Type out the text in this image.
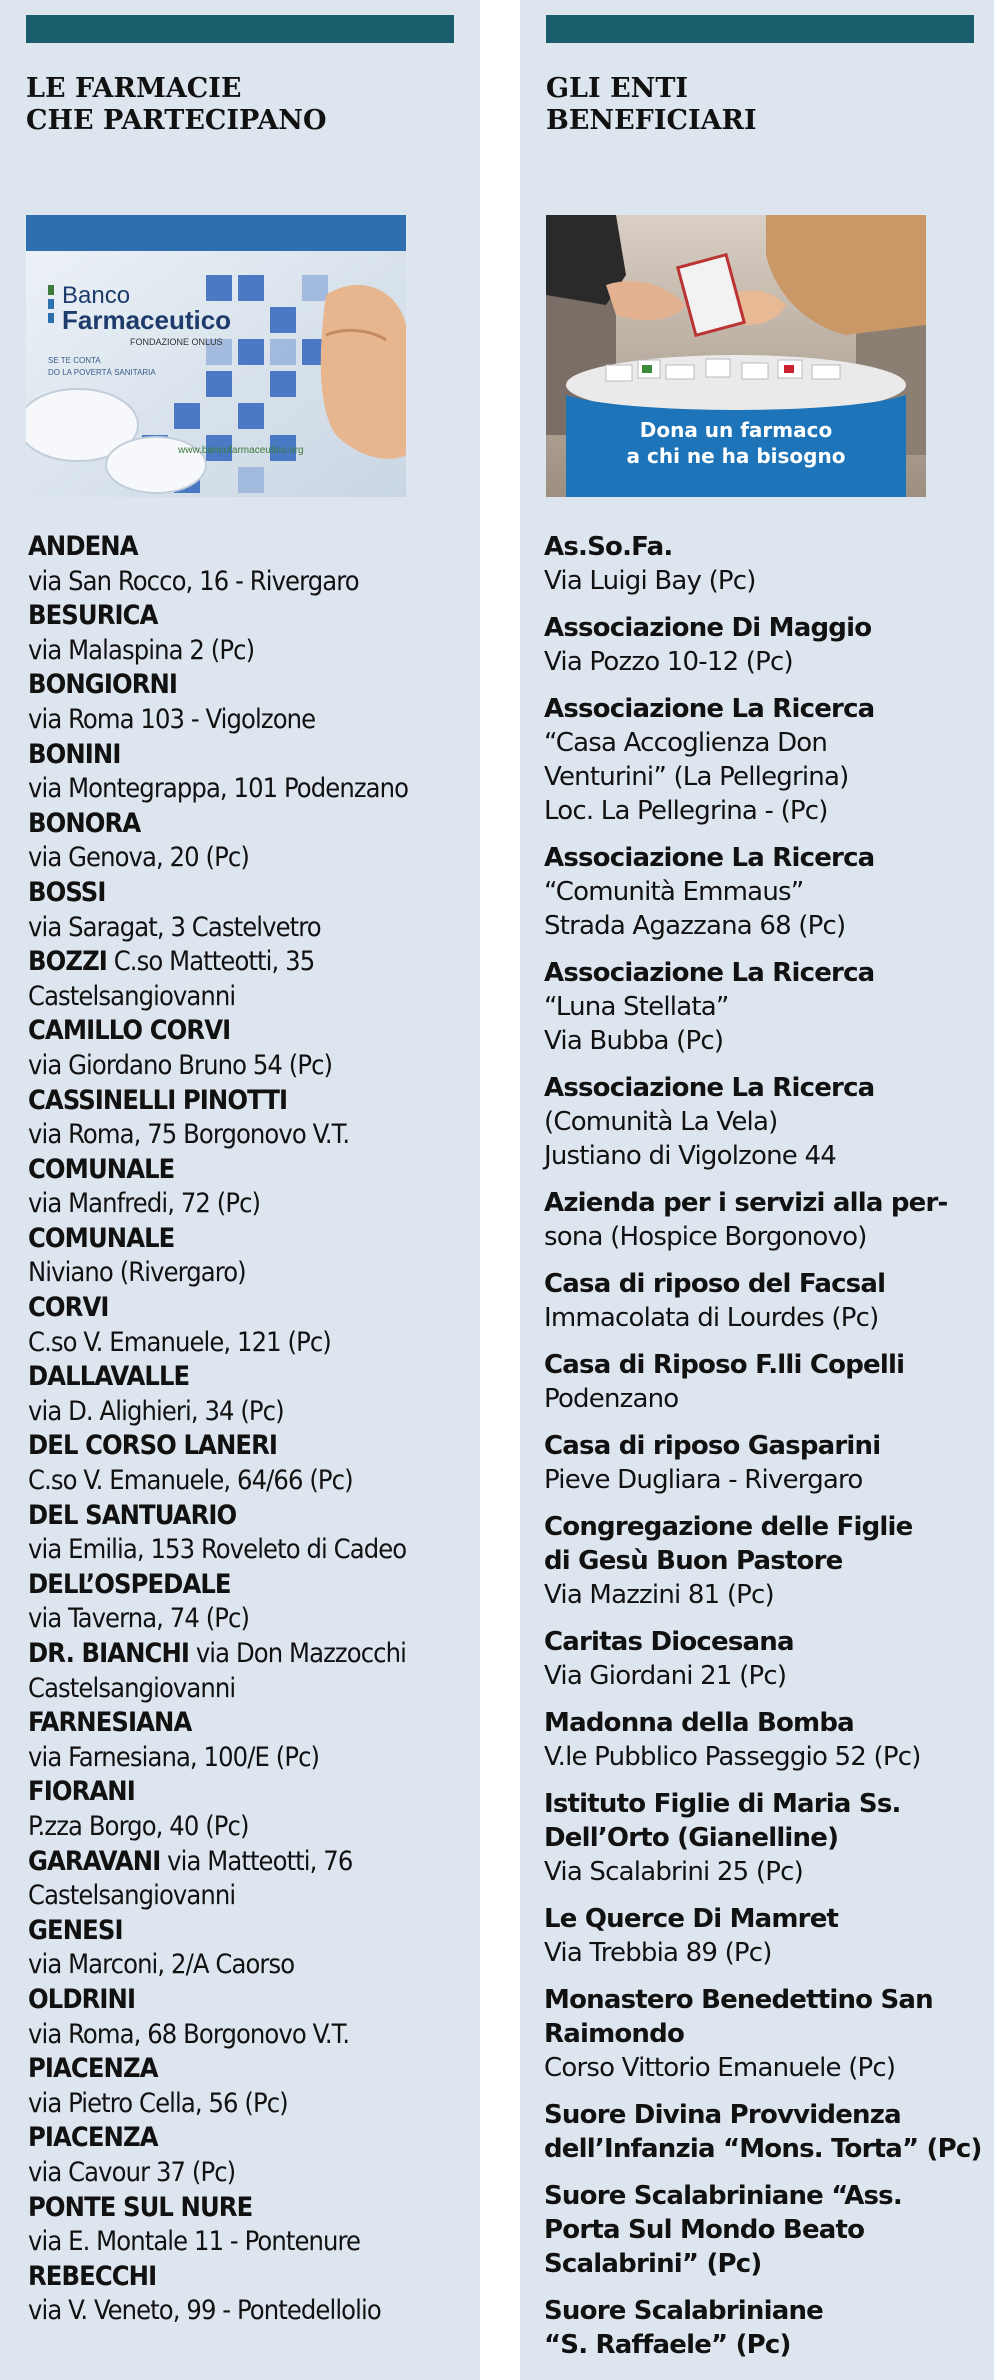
LE FARMACIE
CHE PARTECIPANO
Banco
Farmaceutico
FONDAZIONE ONLUS
SE TE CONTA
DO LA POVERTÀ SANITARIA
www.bancofarmaceutico.org
ANDENA
via San Rocco, 16 - Rivergaro
BESURICA
via Malaspina 2 (Pc)
BONGIORNI
via Roma 103 - Vigolzone
BONINI
via Montegrappa, 101 Podenzano
BONORA
via Genova, 20 (Pc)
BOSSI
via Saragat, 3 Castelvetro
BOZZI C.so Matteotti, 35
Castelsangiovanni
CAMILLO CORVI
via Giordano Bruno 54 (Pc)
CASSINELLI PINOTTI
via Roma, 75 Borgonovo V.T.
COMUNALE
via Manfredi, 72 (Pc)
COMUNALE
Niviano (Rivergaro)
CORVI
C.so V. Emanuele, 121 (Pc)
DALLAVALLE
via D. Alighieri, 34 (Pc)
DEL CORSO LANERI
C.so V. Emanuele, 64/66 (Pc)
DEL SANTUARIO
via Emilia, 153 Roveleto di Cadeo
DELL’OSPEDALE
via Taverna, 74 (Pc)
DR. BIANCHI via Don Mazzocchi
Castelsangiovanni
FARNESIANA
via Farnesiana, 100/E (Pc)
FIORANI
P.zza Borgo, 40 (Pc)
GARAVANI via Matteotti, 76
Castelsangiovanni
GENESI
via Marconi, 2/A Caorso
OLDRINI
via Roma, 68 Borgonovo V.T.
PIACENZA
via Pietro Cella, 56 (Pc)
PIACENZA
via Cavour 37 (Pc)
PONTE SUL NURE
via E. Montale 11 - Pontenure
REBECCHI
via V. Veneto, 99 - Pontedellolio
GLI ENTI
BENEFICIARI
Dona un farmaco
a chi ne ha bisogno
As.So.Fa.
Via Luigi Bay (Pc)
Associazione Di Maggio
Via Pozzo 10-12 (Pc)
Associazione La Ricerca
“Casa Accoglienza Don
Venturini” (La Pellegrina)
Loc. La Pellegrina - (Pc)
Associazione La Ricerca
“Comunità Emmaus”
Strada Agazzana 68 (Pc)
Associazione La Ricerca
“Luna Stellata”
Via Bubba (Pc)
Associazione La Ricerca
(Comunità La Vela)
Justiano di Vigolzone 44
Azienda per i servizi alla per-
sona (Hospice Borgonovo)
Casa di riposo del Facsal
Immacolata di Lourdes (Pc)
Casa di Riposo F.lli Copelli
Podenzano
Casa di riposo Gasparini
Pieve Dugliara - Rivergaro
Congregazione delle Figlie
di Gesù Buon Pastore
Via Mazzini 81 (Pc)
Caritas Diocesana
Via Giordani 21 (Pc)
Madonna della Bomba
V.le Pubblico Passeggio 52 (Pc)
Istituto Figlie di Maria Ss.
Dell’Orto (Gianelline)
Via Scalabrini 25 (Pc)
Le Querce Di Mamret
Via Trebbia 89 (Pc)
Monastero Benedettino San
Raimondo
Corso Vittorio Emanuele (Pc)
Suore Divina Provvidenza
dell’Infanzia “Mons. Torta” (Pc)
Suore Scalabriniane “Ass.
Porta Sul Mondo Beato
Scalabrini” (Pc)
Suore Scalabriniane
“S. Raffaele” (Pc)
